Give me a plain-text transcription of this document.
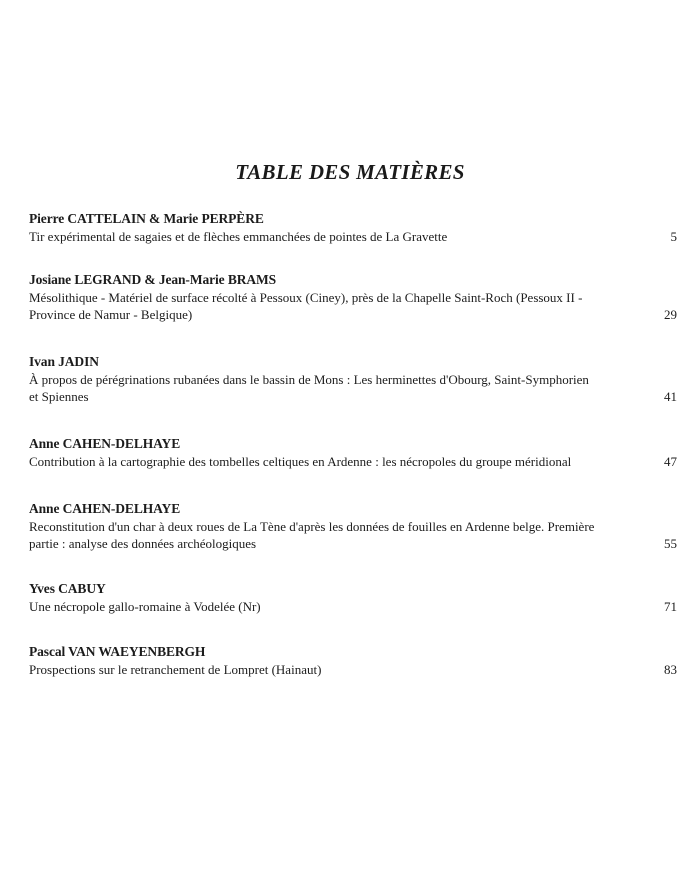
TABLE DES MATIÈRES
Pierre CATTELAIN & Marie PERPÈRE
Tir expérimental de sagaies et de flèches emmanchées de pointes de La Gravette	5
Josiane LEGRAND & Jean-Marie BRAMS
Mésolithique - Matériel de surface récolté à Pessoux (Ciney), près de la Chapelle Saint-Roch (Pessoux II - Province de Namur - Belgique)	29
Ivan JADIN
À propos de pérégrinations rubanées dans le bassin de Mons : Les herminettes d'Obourg, Saint-Symphorien et Spiennes	41
Anne CAHEN-DELHAYE
Contribution à la cartographie des tombelles celtiques en Ardenne : les nécropoles du groupe méridional	47
Anne CAHEN-DELHAYE
Reconstitution d'un char à deux roues de La Tène d'après les données de fouilles en Ardenne belge. Première partie : analyse des données archéologiques	55
Yves CABUY
Une nécropole gallo-romaine à Vodelée (Nr)	71
Pascal VAN WAEYENBERGH
Prospections sur le retranchement de Lompret (Hainaut)	83
